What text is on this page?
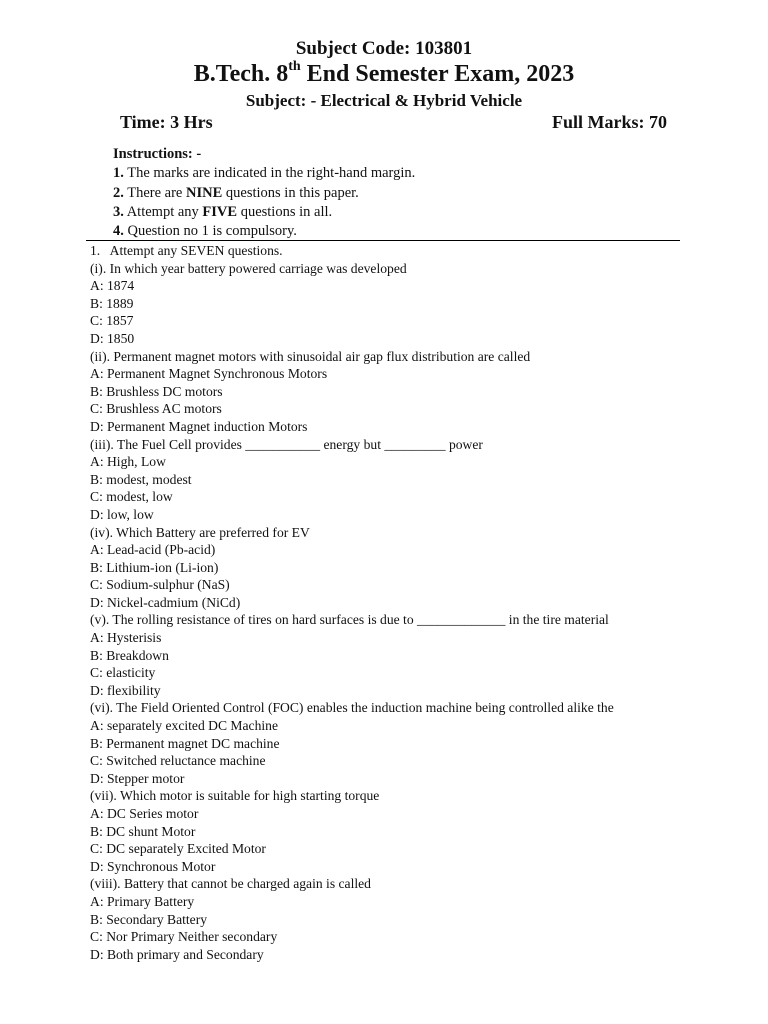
Subject Code: 103801
B.Tech. 8th End Semester Exam, 2023
Subject: - Electrical & Hybrid Vehicle
Time: 3 Hrs	Full Marks: 70
Instructions: -
1. The marks are indicated in the right-hand margin.
2. There are NINE questions in this paper.
3. Attempt any FIVE questions in all.
4. Question no 1 is compulsory.
1.   Attempt any SEVEN questions.
(i). In which year battery powered carriage was developed
A: 1874
B: 1889
C: 1857
D: 1850
(ii). Permanent magnet motors with sinusoidal air gap flux distribution are called
A: Permanent Magnet Synchronous Motors
B: Brushless DC motors
C: Brushless AC motors
D: Permanent Magnet induction Motors
(iii). The Fuel Cell provides ___________ energy but _________ power
A: High, Low
B: modest, modest
C: modest, low
D: low, low
(iv). Which Battery are preferred for EV
A: Lead-acid (Pb-acid)
B: Lithium-ion (Li-ion)
C: Sodium-sulphur (NaS)
D: Nickel-cadmium (NiCd)
(v). The rolling resistance of tires on hard surfaces is due to _____________ in the tire material
A: Hysterisis
B: Breakdown
C: elasticity
D: flexibility
(vi). The Field Oriented Control (FOC) enables the induction machine being controlled alike the
A: separately excited DC Machine
B: Permanent magnet DC machine
C: Switched reluctance machine
D: Stepper motor
(vii). Which motor is suitable for high starting torque
A: DC Series motor
B: DC shunt Motor
C: DC separately Excited Motor
D: Synchronous Motor
(viii). Battery that cannot be charged again is called
A: Primary Battery
B: Secondary Battery
C: Nor Primary Neither secondary
D: Both primary and Secondary
